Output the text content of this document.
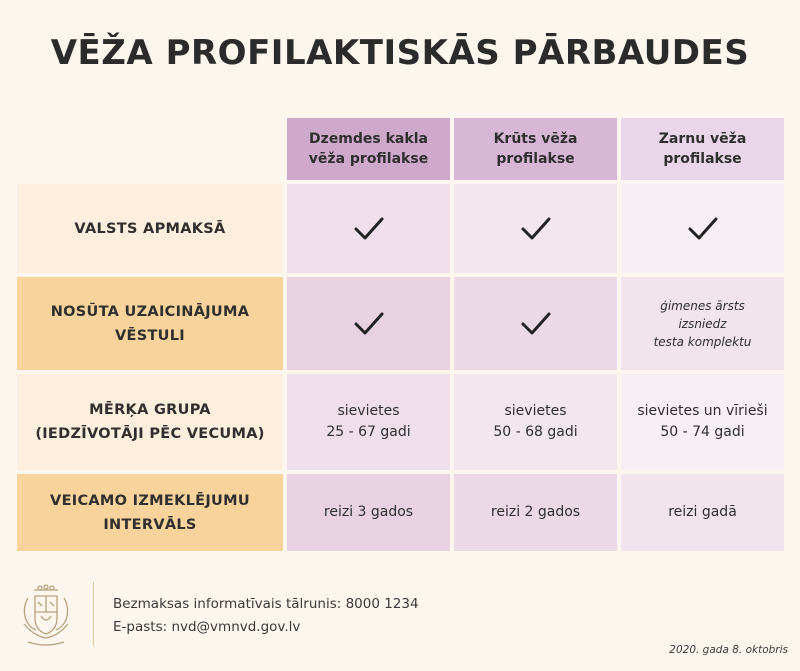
VĒŽA PROFILAKTISKĀS PĀRBAUDES
Dzemdes kakla
vēža profilakse
Krūts vēža
profilakse
Zarnu vēža
profilakse
VALSTS APMAKSĀ
NOSŪTA UZAICINĀJUMA
VĒSTULI
ģimenes ārsts
izsniedz
testa komplektu
MĒRĶA GRUPA
(IEDZĪVOTĀJI PĒC VECUMA)
sievietes
25 - 67 gadi
sievietes
50 - 68 gadi
sievietes un vīrieši
50 - 74 gadi
VEICAMO IZMEKLĒJUMU
INTERVĀLS
reizi 3 gados	reizi 2 gados	reizi gadā
Bezmaksas informatīvais tālrunis: 8000 1234
E-pasts: nvd@vmnvd.gov.lv
2020. gada 8. oktobris
